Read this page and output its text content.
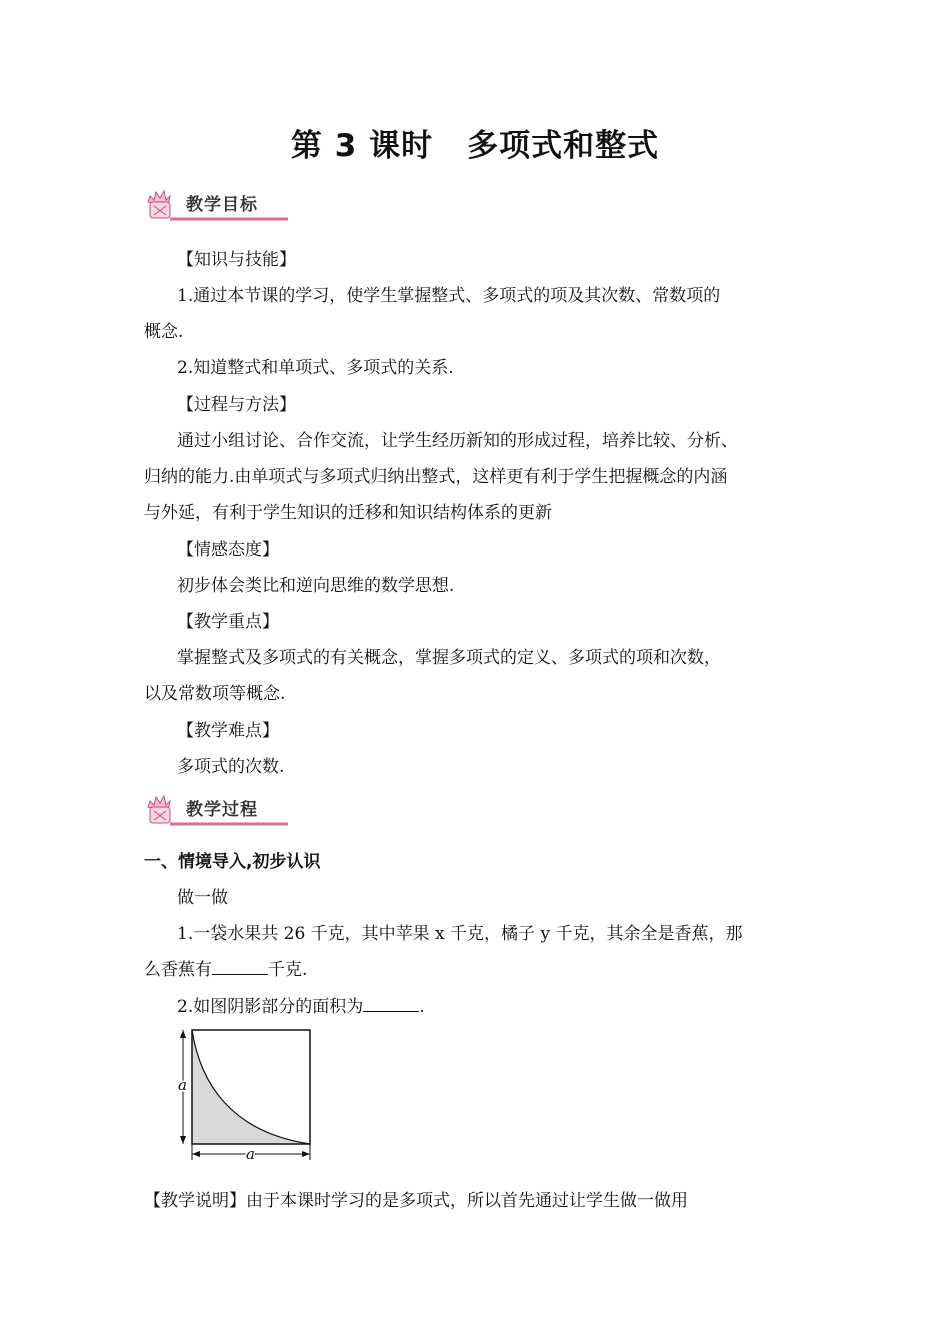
第 3 课时 多项式和整式
教学目标
【知识与技能】
1.通过本节课的学习，使学生掌握整式、多项式的项及其次数、常数项的
概念.
2.知道整式和单项式、多项式的关系.
【过程与方法】
通过小组讨论、合作交流，让学生经历新知的形成过程，培养比较、分析、
归纳的能力.由单项式与多项式归纳出整式，这样更有利于学生把握概念的内涵
与外延，有利于学生知识的迁移和知识结构体系的更新
【情感态度】
初步体会类比和逆向思维的数学思想.
【教学重点】
掌握整式及多项式的有关概念，掌握多项式的定义、多项式的项和次数，
以及常数项等概念.
【教学难点】
多项式的次数.
教学过程
一、情境导入,初步认识
做一做
1.一袋水果共 26 千克，其中苹果 x 千克，橘子 y 千克，其余全是香蕉，那
么香蕉有	千克.
2.如图阴影部分的面积为	.
a
a
【教学说明】由于本课时学习的是多项式，所以首先通过让学生做一做用
